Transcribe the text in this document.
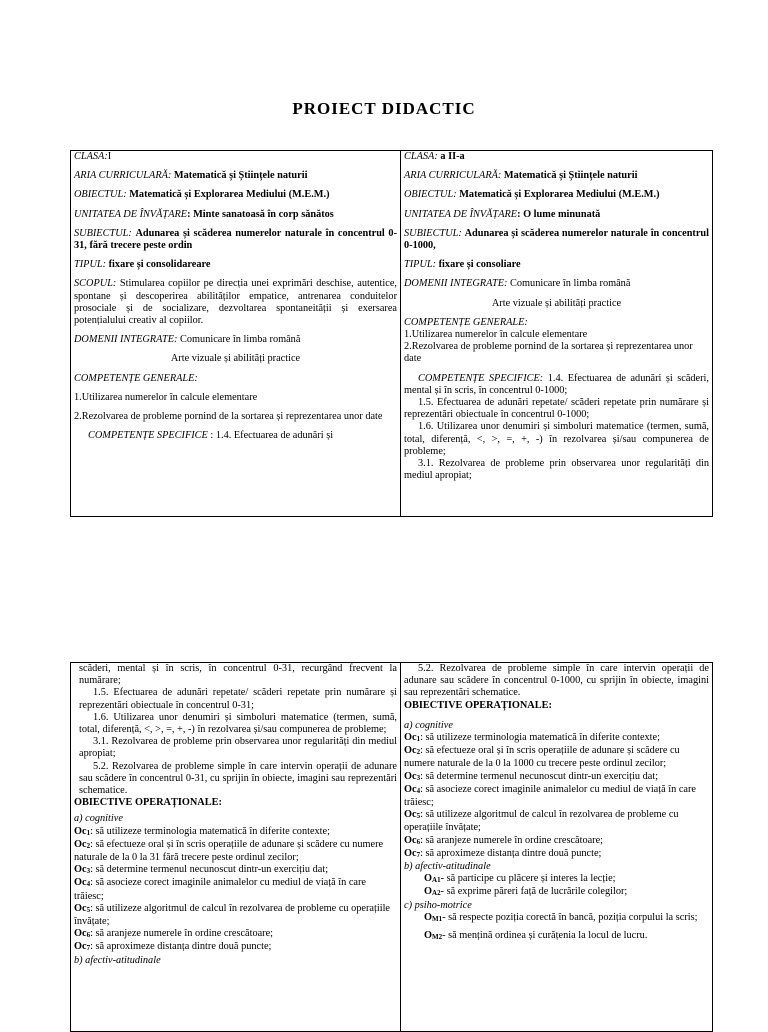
PROIECT DIDACTIC

CLASA:I

ARIA CURRICULARĂ: Matematică și Științele naturii

OBIECTUL: Matematică și Explorarea Mediului (M.E.M.)

UNITATEA DE ÎNVĂȚARE: Minte sanatoasă în corp sănătos

SUBIECTUL: Adunarea și scăderea numerelor naturale în concentrul 0-31, fără trecere peste ordin

TIPUL: fixare și consolidareare

SCOPUL: Stimularea copiilor pe direcția unei exprimări deschise, autentice, spontane și descoperirea abilităților empatice, antrenarea conduitelor prosociale și de socializare, dezvoltarea spontaneității și exersarea potențialului creativ al copiilor.

DOMENII INTEGRATE: Comunicare în limba română

Arte vizuale și abilități practice

COMPETENȚE GENERALE:

1.Utilizarea numerelor în calcule elementare

2.Rezolvarea de probleme pornind de la sortarea și reprezentarea unor date

COMPETENȚE SPECIFICE : 1.4. Efectuarea de adunări și

CLASA: a II-a

ARIA CURRICULARĂ: Matematică și Științele naturii

OBIECTUL: Matematică și Explorarea Mediului (M.E.M.)

UNITATEA DE ÎNVĂȚARE: O lume minunată

SUBIECTUL: Adunarea și scăderea numerelor naturale în concentrul 0-1000,

TIPUL: fixare și consoliare

DOMENII INTEGRATE: Comunicare în limba română

Arte vizuale și abilități practice

COMPETENȚE GENERALE:

1.Utilizarea numerelor în calcule elementare

2.Rezolvarea de probleme pornind de la sortarea și reprezentarea unor date

COMPETENȚE SPECIFICE: 1.4. Efectuarea de adunări și scăderi, mental și în scris, în concentrul 0-1000;

1.5. Efectuarea de adunări repetate/ scăderi repetate prin numărare și reprezentări obiectuale în concentrul 0-1000;

1.6. Utilizarea unor denumiri și simboluri matematice (termen, sumă, total, diferență, <, >, =, +, -) în rezolvarea și/sau compunerea de probleme;

3.1. Rezolvarea de probleme prin observarea unor regularități din mediul apropiat;

scăderi, mental și în scris, în concentrul 0-31, recurgând frecvent la numărare;

1.5. Efectuarea de adunări repetate/ scăderi repetate prin numărare și reprezentări obiectuale în concentrul 0-31;

1.6. Utilizarea unor denumiri și simboluri matematice (termen, sumă, total, diferență, <, >, =, +, -) în rezolvarea și/sau compunerea de probleme;

3.1. Rezolvarea de probleme prin observarea unor regularități din mediul apropiat;

5.2. Rezolvarea de probleme simple în care intervin operații de adunare sau scădere în concentrul 0-31, cu sprijin în obiecte, imagini sau reprezentări schematice.

OBIECTIVE OPERAȚIONALE:

a) cognitive

Oc1: să utilizeze terminologia matematică în diferite contexte;

Oc2: să efectueze oral și în scris operațiile de adunare și scădere cu numere naturale de la 0 la 31 fără trecere peste ordinul zecilor;

Oc3: să determine termenul necunoscut dintr-un exercițiu dat;

Oc4: să asocieze corect imaginile animalelor cu mediul de viață în care trăiesc;

Oc5: să utilizeze algoritmul de calcul în rezolvarea de probleme cu operațiile învățate;

Oc6: să aranjeze numerele în ordine crescătoare;

Oc7: să aproximeze distanța dintre două puncte;

b) afectiv-atitudinale

5.2. Rezolvarea de probleme simple în care intervin operații de adunare sau scădere în concentrul 0-1000, cu sprijin în obiecte, imagini sau reprezentări schematice.

OBIECTIVE OPERAȚIONALE:

a) cognitive

Oc1: să utilizeze terminologia matematică în diferite contexte;

Oc2: să efectueze oral și în scris operațiile de adunare și scădere cu numere naturale de la 0 la 1000 cu trecere peste ordinul zecilor;

Oc3: să determine termenul necunoscut dintr-un exercițiu dat;

Oc4: să asocieze corect imaginile animalelor cu mediul de viață în care trăiesc;

Oc5: să utilizeze algoritmul de calcul în rezolvarea de probleme cu operațiile învățate;

Oc6: să aranjeze numerele în ordine crescătoare;

Oc7: să aproximeze distanța dintre două puncte;

b) afectiv-atitudinale

OA1- să participe cu plăcere și interes la lecție;

OA2- să exprime păreri față de lucrările colegilor;

c) psiho-motrice

OM1- să respecte poziția corectă în bancă, poziția corpului la scris;

OM2- să mențină ordinea și curățenia la locul de lucru.
